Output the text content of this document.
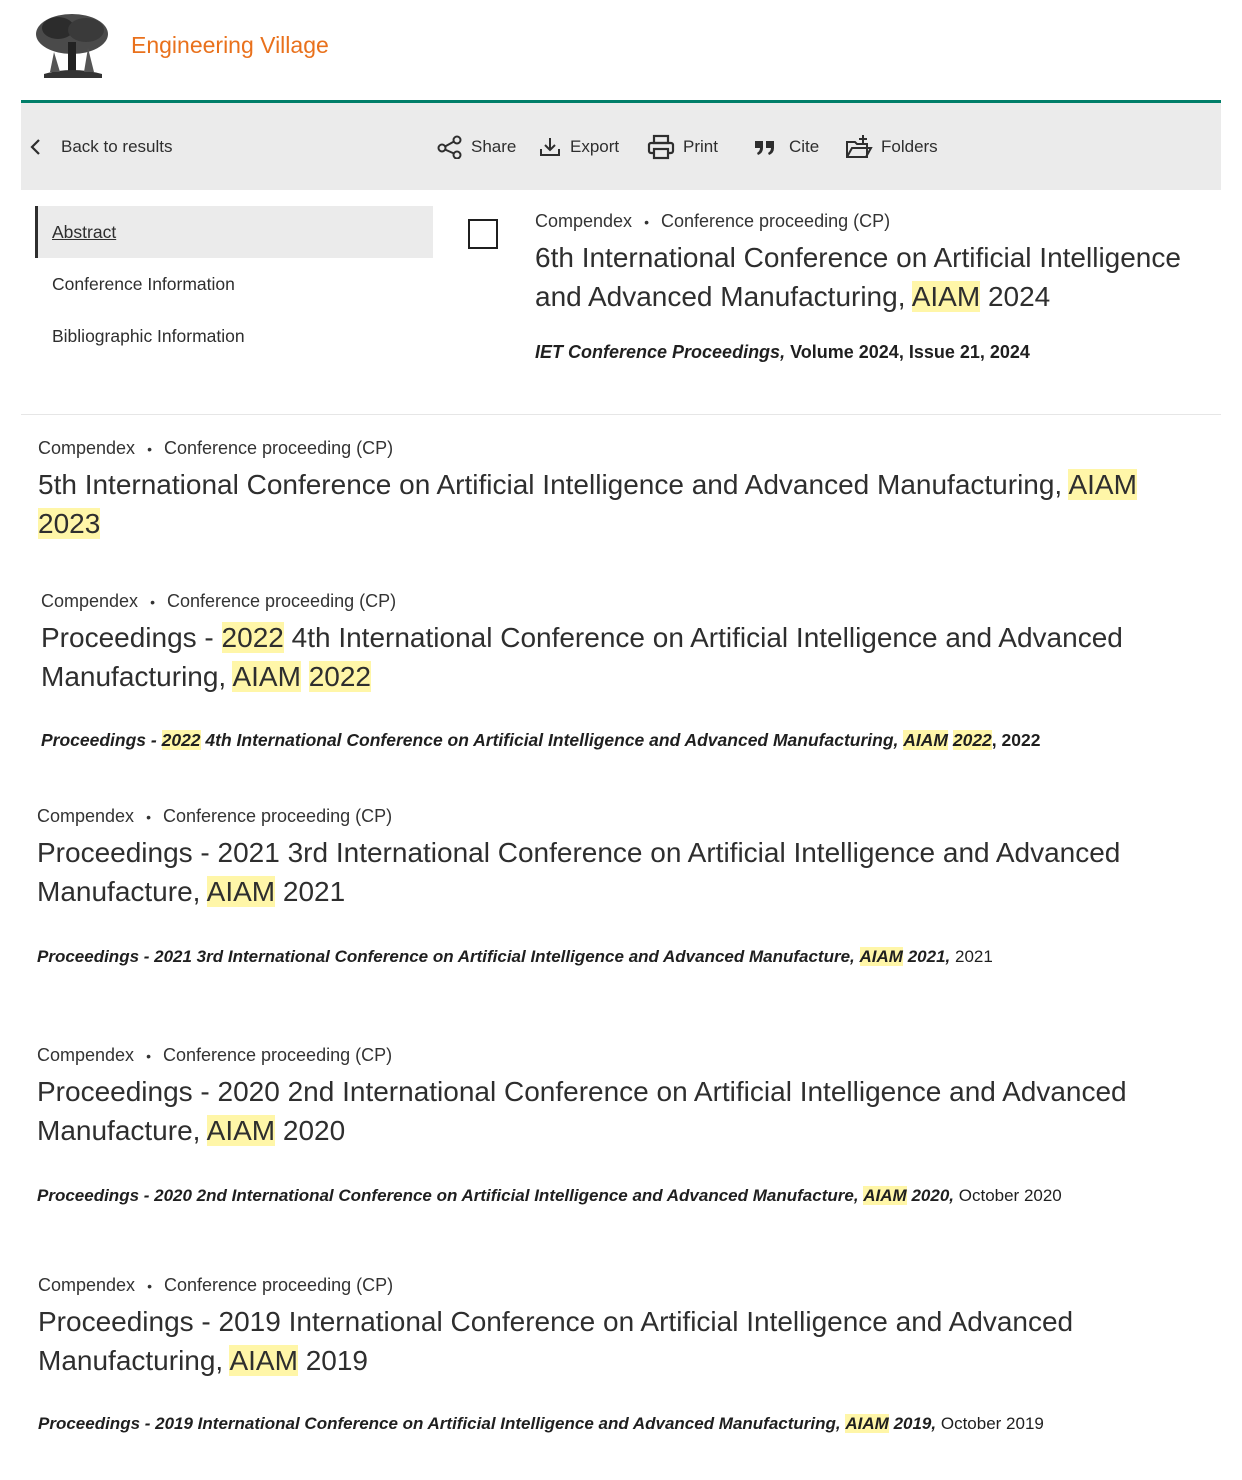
Engineering Village
Back to results	Share	Export	Print	Cite	Folders
Abstract
Conference Information
Bibliographic Information
Compendex • Conference proceeding (CP)
6th International Conference on Artificial Intelligence
and Advanced Manufacturing, AIAM 2024
IET Conference Proceedings, Volume 2024, Issue 21, 2024
Compendex • Conference proceeding (CP)
5th International Conference on Artificial Intelligence and Advanced Manufacturing, AIAM
2023
Compendex • Conference proceeding (CP)
Proceedings - 2022 4th International Conference on Artificial Intelligence and Advanced
Manufacturing, AIAM 2022
Proceedings - 2022 4th International Conference on Artificial Intelligence and Advanced Manufacturing, AIAM 2022, 2022
Compendex • Conference proceeding (CP)
Proceedings - 2021 3rd International Conference on Artificial Intelligence and Advanced
Manufacture, AIAM 2021
Proceedings - 2021 3rd International Conference on Artificial Intelligence and Advanced Manufacture, AIAM 2021, 2021
Compendex • Conference proceeding (CP)
Proceedings - 2020 2nd International Conference on Artificial Intelligence and Advanced
Manufacture, AIAM 2020
Proceedings - 2020 2nd International Conference on Artificial Intelligence and Advanced Manufacture, AIAM 2020, October 2020
Compendex • Conference proceeding (CP)
Proceedings - 2019 International Conference on Artificial Intelligence and Advanced
Manufacturing, AIAM 2019
Proceedings - 2019 International Conference on Artificial Intelligence and Advanced Manufacturing, AIAM 2019, October 2019
